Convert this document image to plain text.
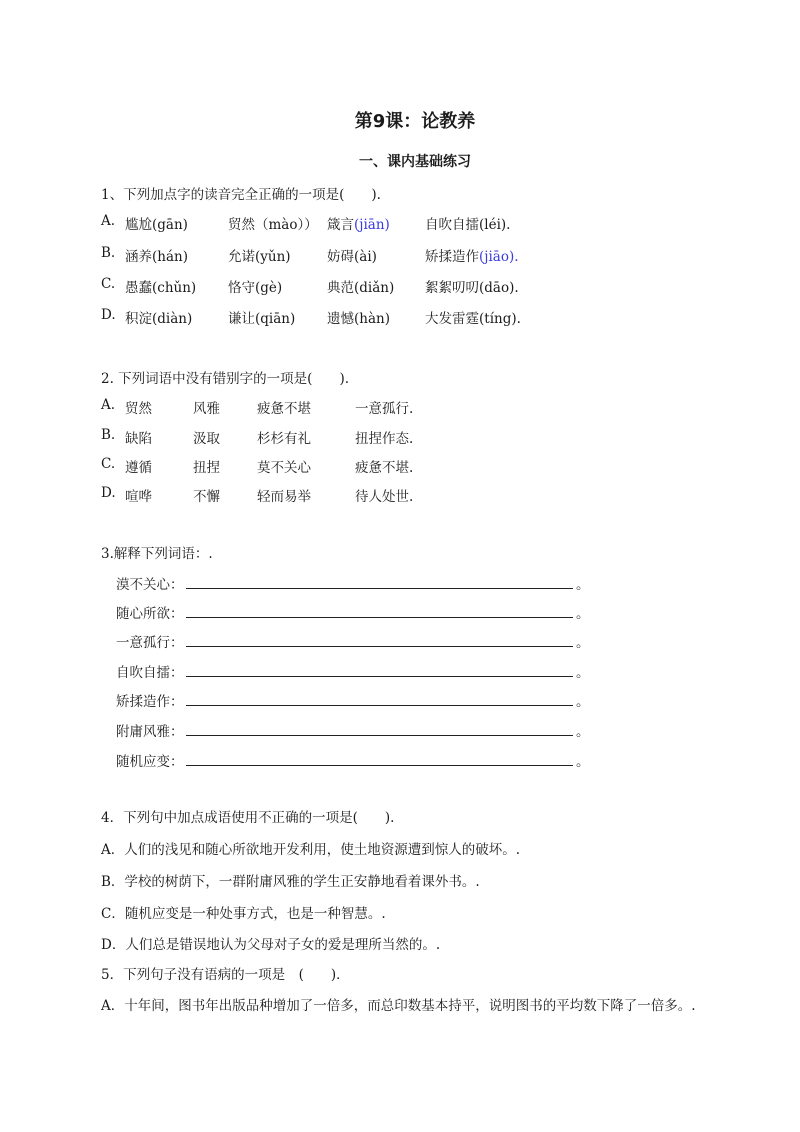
第9课：论教养
一、课内基础练习
1、下列加点字的读音完全正确的一项是(　　).
A. 尴尬(gān)	贸然（mào）） 箴言(jiān)	自吹自擂(léi).
B. 涵养(hán)	允诺(yǔn)	妨碍(ài)	矫揉造作(jiāo).
C. 愚蠢(chǔn) 恪守(gè)	典范(diǎn) 絮絮叨叨(dāo).
D. 积淀(diàn)	谦让(qiān) 遗憾(hàn)	大发雷霆(tíng).
2. 下列词语中没有错别字的一项是(　　).
A. 贸然	风雅	疲惫不堪	一意孤行.
B. 缺陷	汲取	杉杉有礼	扭捏作态.
C. 遵循	扭捏	莫不关心	疲惫不堪.
D. 喧哗	不懈	轻而易举	待人处世.
3.解释下列词语：.
漠不关心：	。
随心所欲：	。
一意孤行：	。
自吹自擂：	。
矫揉造作：	。
附庸风雅：	。
随机应变：	。
4．下列句中加点成语使用不正确的一项是(　　).
A．人们的浅见和随心所欲地开发利用，使土地资源遭到惊人的破坏。.
B．学校的树荫下，一群附庸风雅的学生正安静地看着课外书。.
C．随机应变是一种处事方式，也是一种智慧。.
D．人们总是错误地认为父母对子女的爱是理所当然的。.
5．下列句子没有语病的一项是　(　　)．
A．十年间，图书年出版品种增加了一倍多，而总印数基本持平，说明图书的平均数下降了一倍多。.
